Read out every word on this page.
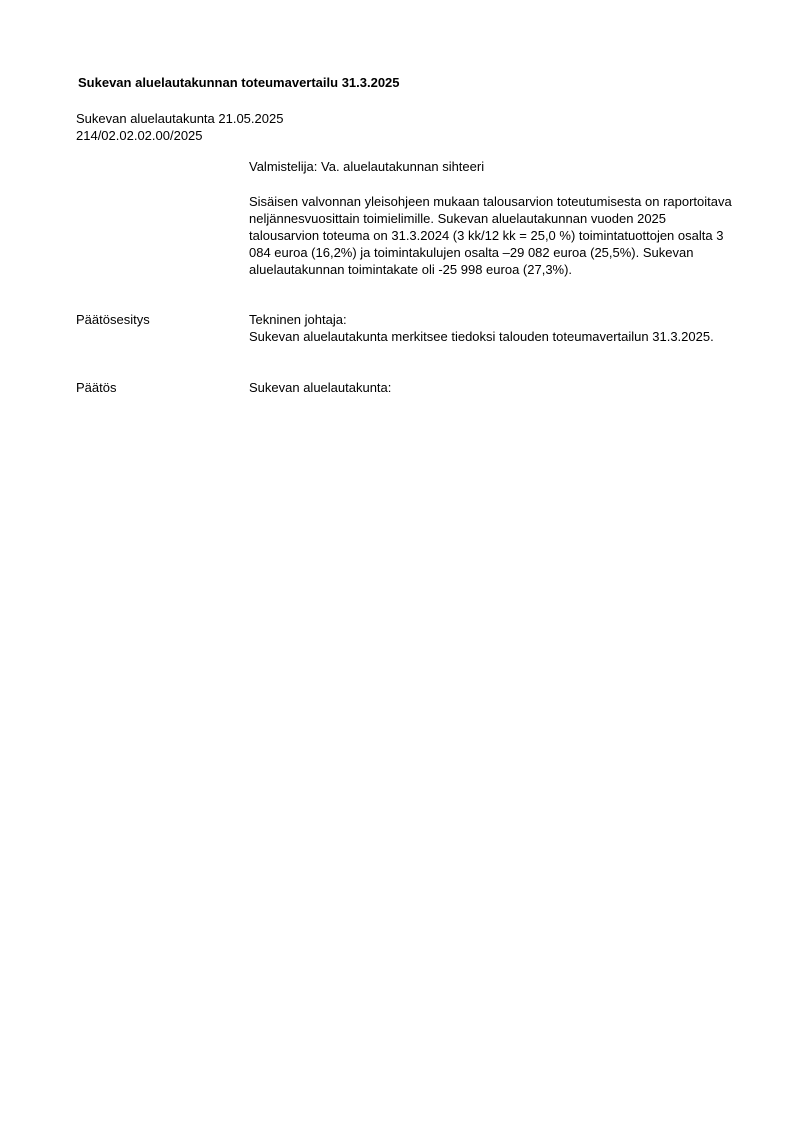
Sukevan aluelautakunnan toteumavertailu 31.3.2025
Sukevan aluelautakunta 21.05.2025
214/02.02.02.00/2025
Valmistelija: Va. aluelautakunnan sihteeri
Sisäisen valvonnan yleisohjeen mukaan talousarvion toteutumisesta on raportoitava neljännesvuosittain toimielimille. Sukevan aluelautakunnan vuoden 2025 talousarvion toteuma on 31.3.2024 (3 kk/12 kk = 25,0 %) toimintatuottojen osalta 3 084 euroa (16,2%) ja toimintakulujen osalta –29 082 euroa (25,5%). Sukevan aluelautakunnan toimintakate oli -25 998 euroa (27,3%).
Päätösesitys	Tekninen johtaja:
Sukevan aluelautakunta merkitsee tiedoksi talouden toteumavertailun 31.3.2025.
Päätös	Sukevan aluelautakunta:
